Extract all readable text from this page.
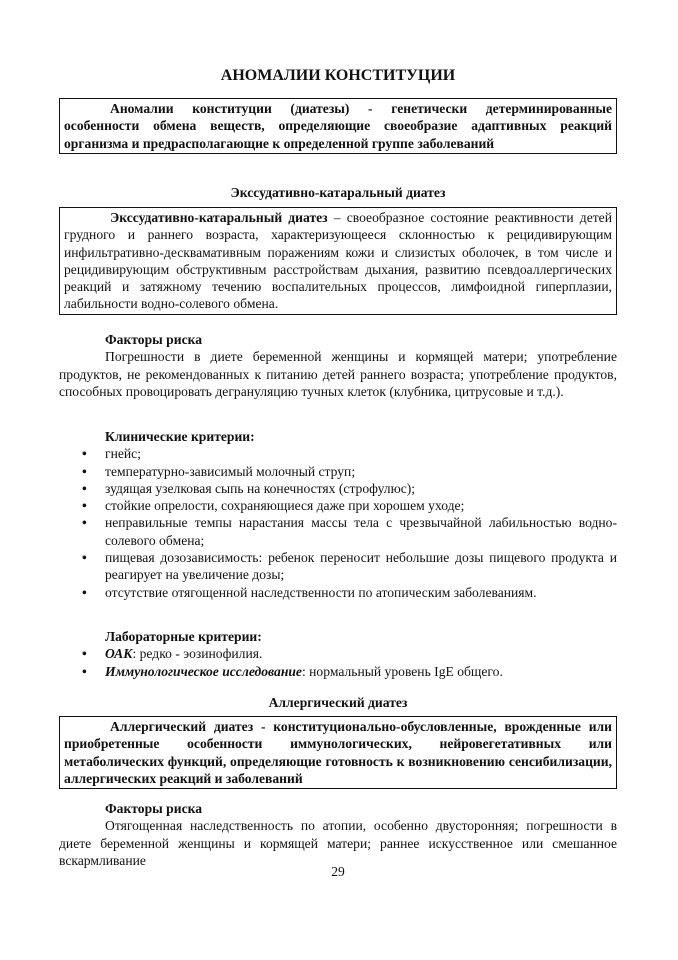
АНОМАЛИИ КОНСТИТУЦИИ

Аномалии конституции (диатезы) - генетически детерминированные особенности обмена веществ, определяющие своеобразие адаптивных реакций организма и предрасполагающие к определенной группе заболеваний

Экссудативно-катаральный диатез

Экссудативно-катаральный диатез – своеобразное состояние реактивности детей грудного и раннего возраста, характеризующееся склонностью к рецидивирующим инфильтративно-десквамативным поражениям кожи и слизистых оболочек, в том числе и рецидивирующим обструктивным расстройствам дыхания, развитию псевдоаллергических реакций и затяжному течению воспалительных процессов, лимфоидной гиперплазии, лабильности водно-солевого обмена.

Факторы риска

Погрешности в диете беременной женщины и кормящей матери; употребление продуктов, не рекомендованных к питанию детей раннего возраста; употребление продуктов, способных провоцировать дегрануляцию тучных клеток (клубника, цитрусовые и т.д.).

Клинические критерии:
• гнейс;
• температурно-зависимый молочный струп;
• зудящая узелковая сыпь на конечностях (строфулюс);
• стойкие опрелости, сохраняющиеся даже при хорошем уходе;
• неправильные темпы нарастания массы тела с чрезвычайной лабильностью водно-солевого обмена;
• пищевая дозозависимость: ребенок переносит небольшие дозы пищевого продукта и реагирует на увеличение дозы;
• отсутствие отягощенной наследственности по атопическим заболеваниям.
Лабораторные критерии:
• ОАК: редко - эозинофилия.
• Иммунологическое исследование: нормальный уровень IgE общего.
Аллергический диатез

Аллергический диатез - конституционально-обусловленные, врожденные или приобретенные особенности иммунологических, нейровегетативных или метаболических функций, определяющие готовность к возникновению сенсибилизации, аллергических реакций и заболеваний

Факторы риска

Отягощенная наследственность по атопии, особенно двусторонняя; погрешности в диете беременной женщины и кормящей матери; раннее искусственное или смешанное вскармливание

29
